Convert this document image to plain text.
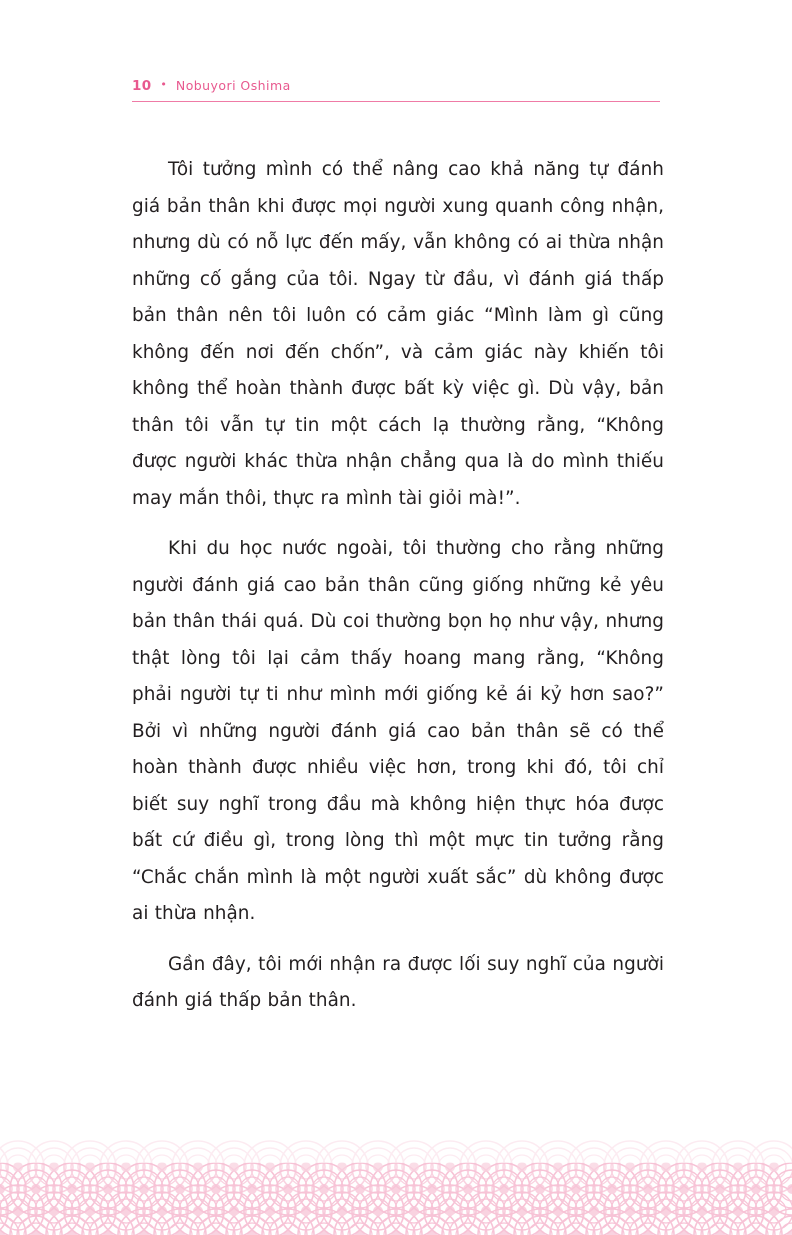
10 • Nobuyori Oshima

Tôi tưởng mình có thể nâng cao khả năng tự đánh giá bản thân khi được mọi người xung quanh công nhận, nhưng dù có nỗ lực đến mấy, vẫn không có ai thừa nhận những cố gắng của tôi. Ngay từ đầu, vì đánh giá thấp bản thân nên tôi luôn có cảm giác “Mình làm gì cũng không đến nơi đến chốn”, và cảm giác này khiến tôi không thể hoàn thành được bất kỳ việc gì. Dù vậy, bản thân tôi vẫn tự tin một cách lạ thường rằng, “Không được người khác thừa nhận chẳng qua là do mình thiếu may mắn thôi, thực ra mình tài giỏi mà!”.

Khi du học nước ngoài, tôi thường cho rằng những người đánh giá cao bản thân cũng giống những kẻ yêu bản thân thái quá. Dù coi thường bọn họ như vậy, nhưng thật lòng tôi lại cảm thấy hoang mang rằng, “Không phải người tự ti như mình mới giống kẻ ái kỷ hơn sao?” Bởi vì những người đánh giá cao bản thân sẽ có thể hoàn thành được nhiều việc hơn, trong khi đó, tôi chỉ biết suy nghĩ trong đầu mà không hiện thực hóa được bất cứ điều gì, trong lòng thì một mực tin tưởng rằng “Chắc chắn mình là một người xuất sắc” dù không được ai thừa nhận.

Gần đây, tôi mới nhận ra được lối suy nghĩ của người đánh giá thấp bản thân.
